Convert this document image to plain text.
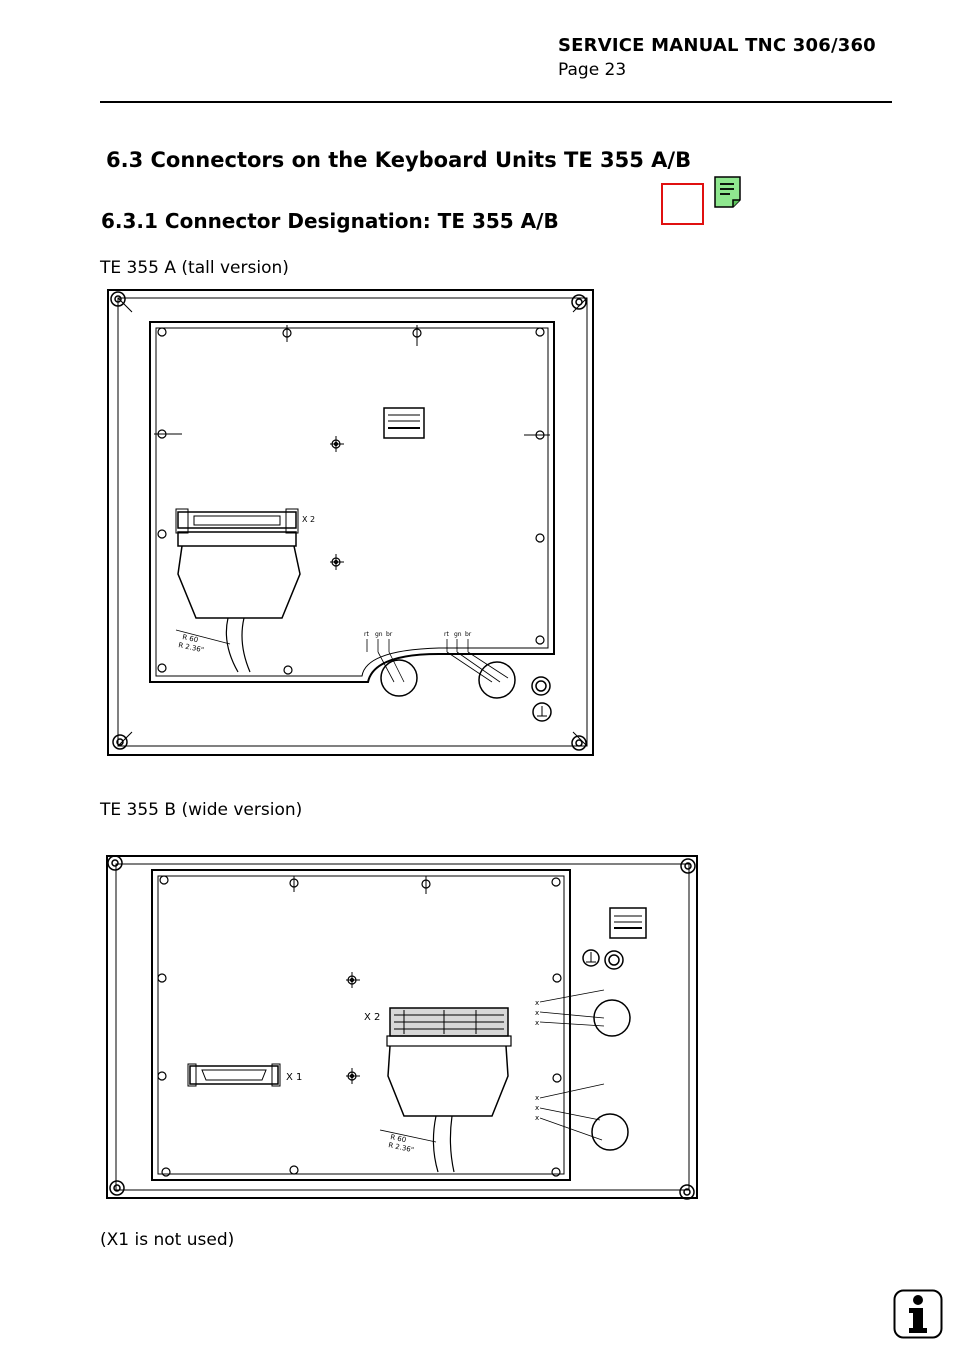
SERVICE MANUAL TNC 306/360
Page 23
6.3 Connectors on the Keyboard Units TE 355 A/B
6.3.1 Connector Designation: TE 355 A/B
TE 355 A (tall version)
X 2
R 60
R 2.36"
rt gn br	rt gn br
TE 355 B (wide version)
X 2
R 60
R 2.36"
X 1
x
x
x
x
x
x
(X1 is not used)
